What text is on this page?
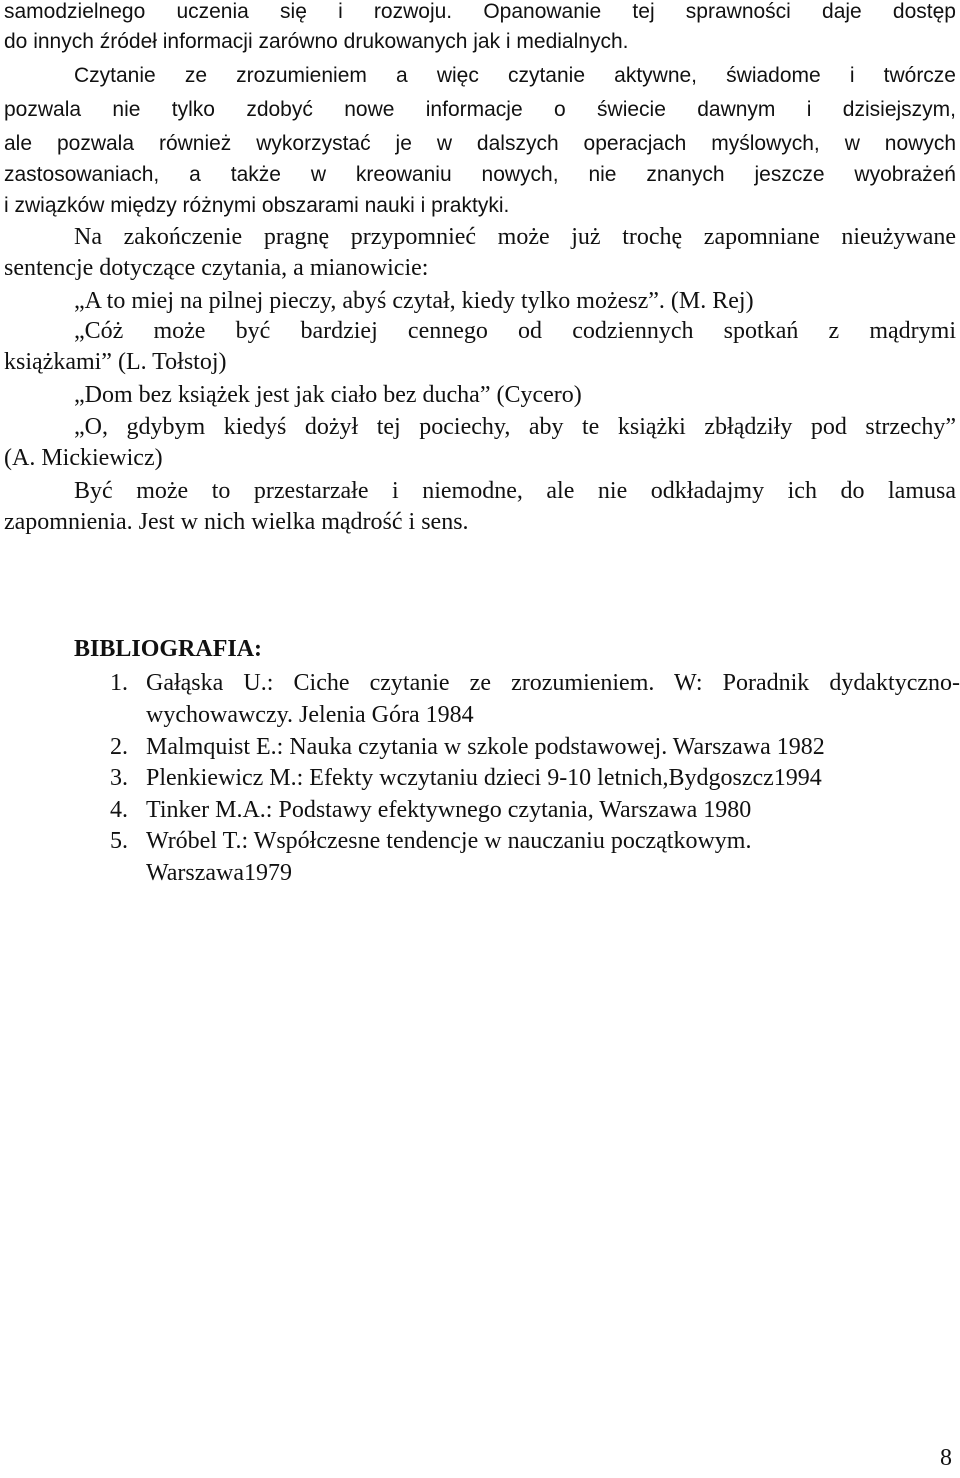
samodzielnego uczenia się i rozwoju. Opanowanie tej sprawności daje dostęp
do innych źródeł informacji zarówno drukowanych jak i medialnych.
Czytanie ze zrozumieniem a więc czytanie aktywne, świadome i twórcze
pozwala nie tylko zdobyć nowe informacje o świecie dawnym i dzisiejszym,
ale pozwala również wykorzystać je w dalszych operacjach myślowych, w nowych
zastosowaniach, a także w kreowaniu nowych, nie znanych jeszcze wyobrażeń
i związków między różnymi obszarami nauki i praktyki.
Na zakończenie pragnę przypomnieć może już trochę zapomniane nieużywane
sentencje dotyczące czytania, a mianowicie:
„A to miej na pilnej pieczy, abyś czytał, kiedy tylko możesz”. (M. Rej)
„Cóż może być bardziej cennego od codziennych spotkań z mądrymi
książkami” (L. Tołstoj)
„Dom bez książek jest jak ciało bez ducha” (Cycero)
„O, gdybym kiedyś dożył tej pociechy, aby te książki zbłądziły pod strzechy”
(A. Mickiewicz)
Być może to przestarzałe i niemodne, ale nie odkładajmy ich do lamusa
zapomnienia. Jest w nich wielka mądrość i sens.
BIBLIOGRAFIA:
1. Gałąska U.: Ciche czytanie ze zrozumieniem. W: Poradnik dydaktyczno-
wychowawczy. Jelenia Góra 1984
2. Malmquist E.: Nauka czytania w szkole podstawowej. Warszawa 1982
3. Plenkiewicz M.: Efekty wczytaniu dzieci 9-10 letnich,Bydgoszcz1994
4. Tinker M.A.: Podstawy efektywnego czytania, Warszawa 1980
5. Wróbel T.: Współczesne tendencje w nauczaniu początkowym.
Warszawa1979
8
